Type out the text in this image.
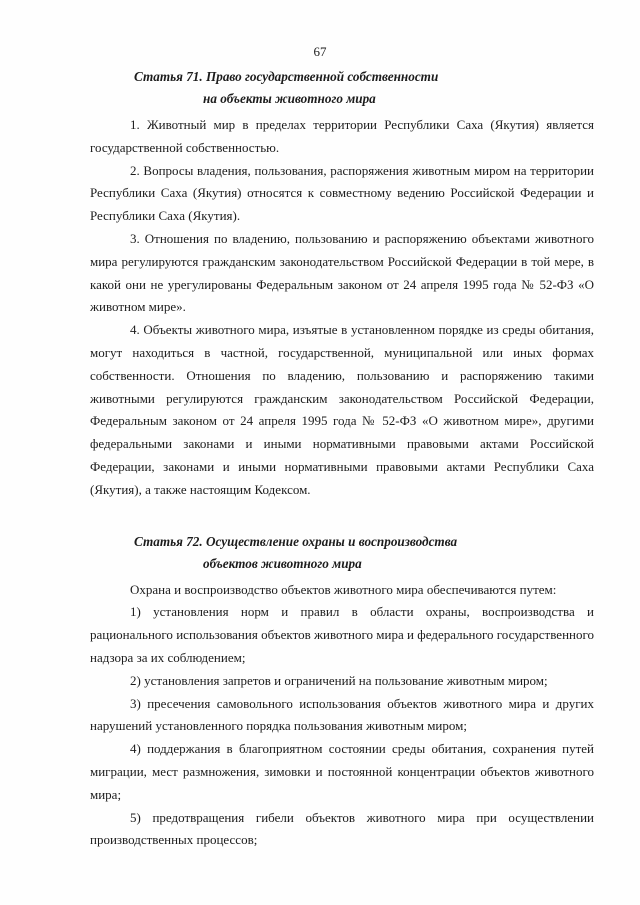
67
Статья 71. Право государственной собственности
на объекты животного мира

1. Животный мир в пределах территории Республики Саха (Якутия) является государственной собственностью.

2. Вопросы владения, пользования, распоряжения животным миром на территории Республики Саха (Якутия) относятся к совместному ведению Российской Федерации и Республики Саха (Якутия).

3. Отношения по владению, пользованию и распоряжению объектами животного мира регулируются гражданским законодательством Российской Федерации в той мере, в какой они не урегулированы Федеральным законом от 24 апреля 1995 года № 52-ФЗ «О животном мире».

4. Объекты животного мира, изъятые в установленном порядке из среды обитания, могут находиться в частной, государственной, муниципальной или иных формах собственности. Отношения по владению, пользованию и распоряжению такими животными регулируются гражданским законодательством Российской Федерации, Федеральным законом от 24 апреля 1995 года № 52-ФЗ «О животном мире», другими федеральными законами и иными нормативными правовыми актами Российской Федерации, законами и иными нормативными правовыми актами Республики Саха (Якутия), а также настоящим Кодексом.

Статья 72. Осуществление охраны и воспроизводства
объектов животного мира

Охрана и воспроизводство объектов животного мира обеспечиваются путем:

1) установления норм и правил в области охраны, воспроизводства и рационального использования объектов животного мира и федерального государственного надзора за их соблюдением;

2) установления запретов и ограничений на пользование животным миром;

3) пресечения самовольного использования объектов животного мира и других нарушений установленного порядка пользования животным миром;

4) поддержания в благоприятном состоянии среды обитания, сохранения путей миграции, мест размножения, зимовки и постоянной концентрации объектов животного мира;

5) предотвращения гибели объектов животного мира при осуществлении производственных процессов;
